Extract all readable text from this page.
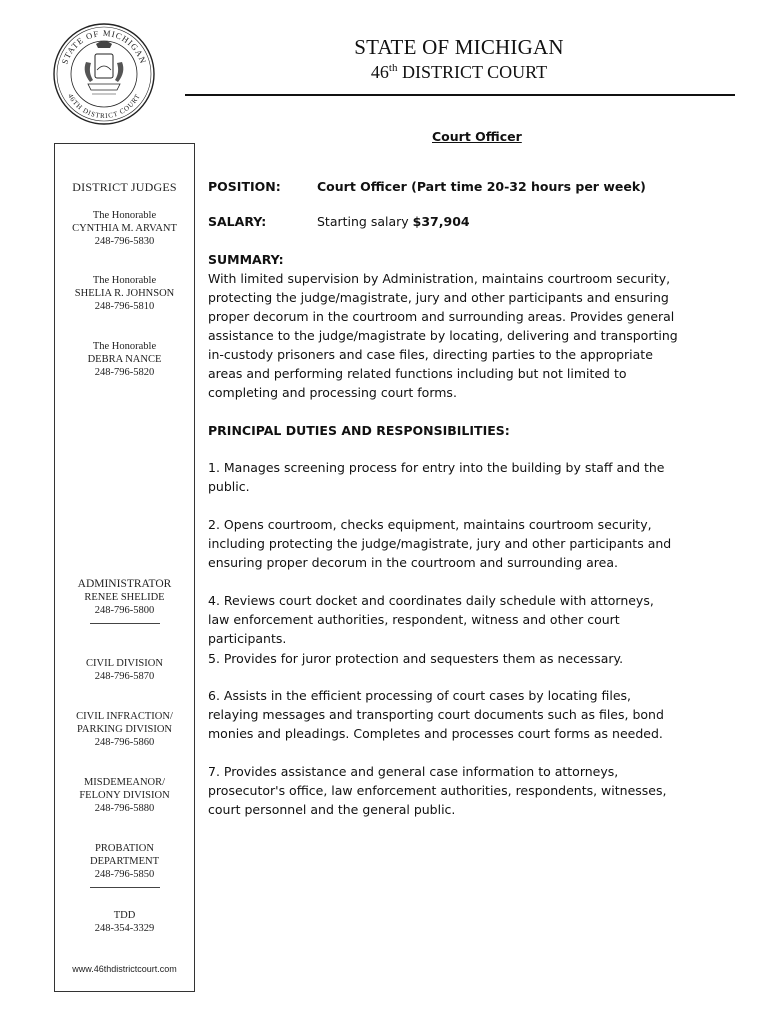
STATE OF MICHIGAN
46TH DISTRICT COURT
STATE OF MICHIGAN
46th DISTRICT COURT
DISTRICT JUDGES
The Honorable
CYNTHIA M. ARVANT
248-796-5830
The Honorable
SHELIA R. JOHNSON
248-796-5810
The Honorable
DEBRA NANCE
248-796-5820
ADMINISTRATOR
RENEE SHELIDE
248-796-5800
CIVIL DIVISION
248-796-5870
CIVIL INFRACTION/
PARKING DIVISION
248-796-5860
MISDEMEANOR/
FELONY DIVISION
248-796-5880
PROBATION
DEPARTMENT
248-796-5850
TDD
248-354-3329
www.46thdistrictcourt.com
Court Officer
POSITION:	Court Officer (Part time 20-32 hours per week)
SALARY:	Starting salary $37,904
SUMMARY:
With limited supervision by Administration, maintains courtroom security, protecting the judge/magistrate, jury and other participants and ensuring proper decorum in the courtroom and surrounding areas. Provides general assistance to the judge/magistrate by locating, delivering and transporting in-custody prisoners and case files, directing parties to the appropriate areas and performing related functions including but not limited to completing and processing court forms.
PRINCIPAL DUTIES AND RESPONSIBILITIES:
1. Manages screening process for entry into the building by staff and the public.
2. Opens courtroom, checks equipment, maintains courtroom security, including protecting the judge/magistrate, jury and other participants and ensuring proper decorum in the courtroom and surrounding area.
4. Reviews court docket and coordinates daily schedule with attorneys, law enforcement authorities, respondent, witness and other court participants.
5. Provides for juror protection and sequesters them as necessary.
6. Assists in the efficient processing of court cases by locating files, relaying messages and transporting court documents such as files, bond monies and pleadings. Completes and processes court forms as needed.
7. Provides assistance and general case information to attorneys, prosecutor's office, law enforcement authorities, respondents, witnesses, court personnel and the general public.
